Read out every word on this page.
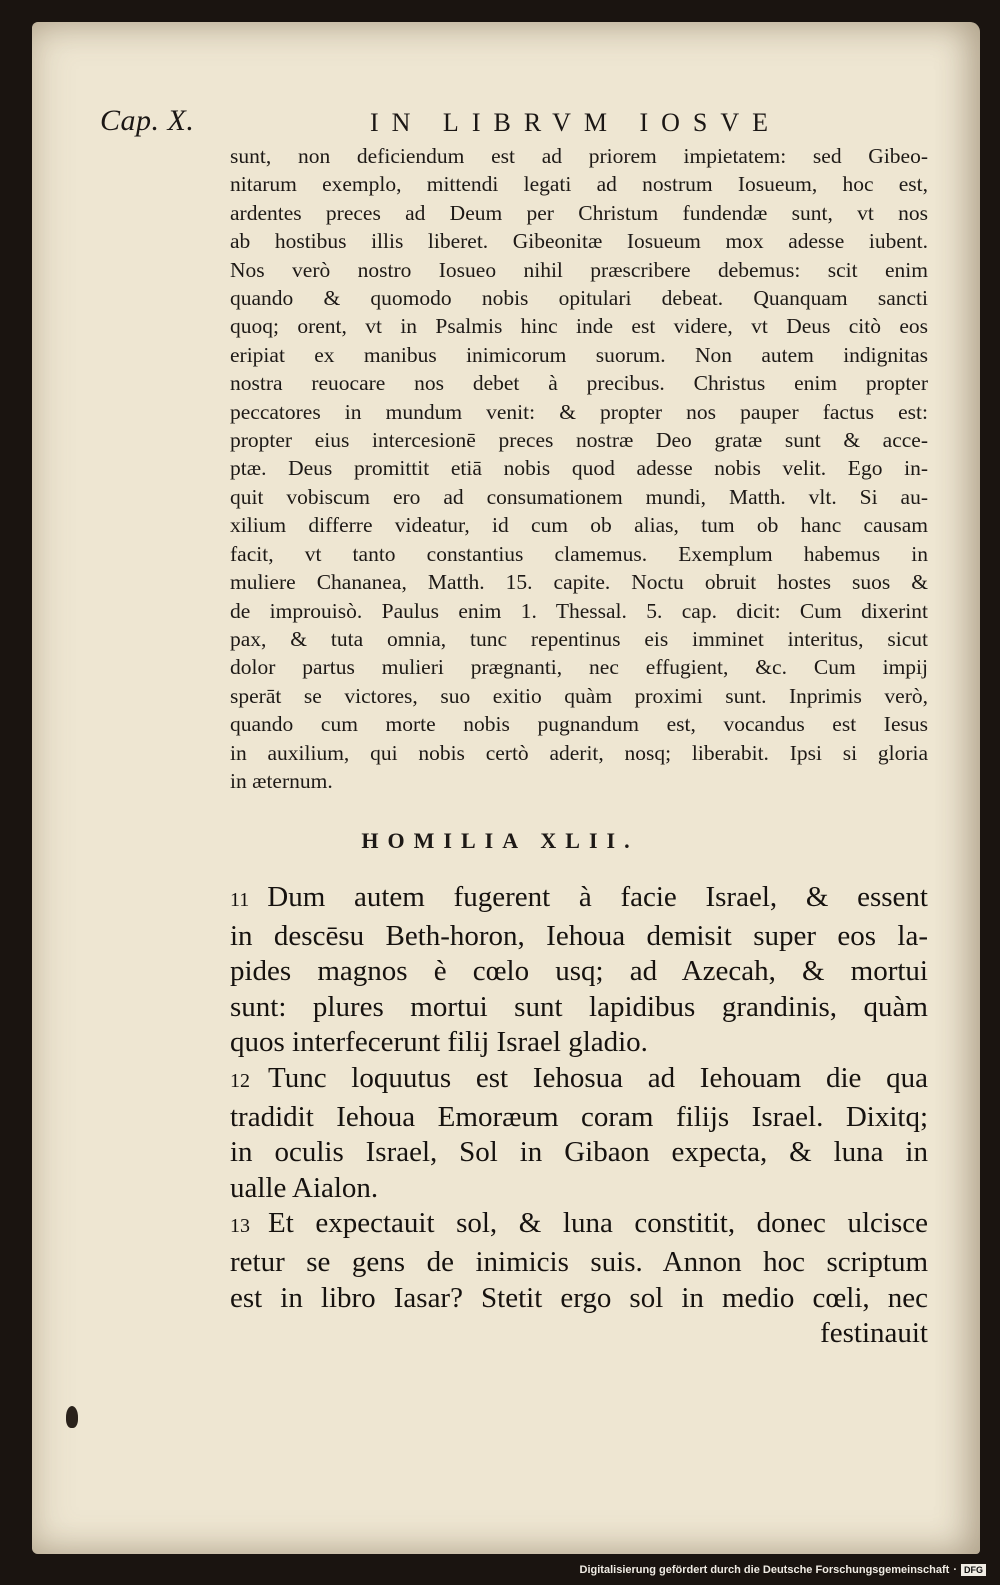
Cap. X.	IN LIBRVM IOSVE
sunt, non deficiendum est ad priorem impietatem: sed Gibeo-
nitarum exemplo, mittendi legati ad nostrum Iosueum, hoc est,
ardentes preces ad Deum per Christum fundendæ sunt, vt nos
ab hostibus illis liberet. Gibeonitæ Iosueum mox adesse iubent.
Nos verò nostro Iosueo nihil præscribere debemus: scit enim
quando & quomodo nobis opitulari debeat. Quanquam sancti
quoq; orent, vt in Psalmis hinc inde est videre, vt Deus citò eos
eripiat ex manibus inimicorum suorum. Non autem indignitas
nostra reuocare nos debet à precibus. Christus enim propter
peccatores in mundum venit: & propter nos pauper factus est:
propter eius intercesionē preces nostræ Deo gratæ sunt & acce-
ptæ. Deus promittit etiā nobis quod adesse nobis velit. Ego in-
quit vobiscum ero ad consumationem mundi, Matth. vlt. Si au-
xilium differre videatur, id cum ob alias, tum ob hanc causam
facit, vt tanto constantius clamemus. Exemplum habemus in
muliere Chananea, Matth. 15. capite. Noctu obruit hostes suos &
de improuisò. Paulus enim 1. Thessal. 5. cap. dicit: Cum dixerint
pax, & tuta omnia, tunc repentinus eis imminet interitus, sicut
dolor partus mulieri prægnanti, nec effugient, &c. Cum impij
sperāt se victores, suo exitio quàm proximi sunt. Inprimis verò,
quando cum morte nobis pugnandum est, vocandus est Iesus
in auxilium, qui nobis certò aderit, nosq; liberabit. Ipsi si gloria
in æternum.
HOMILIA XLII.
11 Dum autem fugerent à facie Israel, & essent
in descēsu Beth-horon, Iehoua demisit super eos la-
pides magnos è cœlo usq; ad Azecah, & mortui
sunt: plures mortui sunt lapidibus grandinis, quàm
quos interfecerunt filij Israel gladio.
12 Tunc loquutus est Iehosua ad Iehouam die qua
tradidit Iehoua Emoræum coram filijs Israel. Dixitq;
in oculis Israel, Sol in Gibaon expecta, & luna in
ualle Aialon.
13 Et expectauit sol, & luna constitit, donec ulcisce
retur se gens de inimicis suis. Annon hoc scriptum
est in libro Iasar? Stetit ergo sol in medio cœli, nec
festinauit
Digitalisierung gefördert durch die Deutsche Forschungsgemeinschaft · DFG
